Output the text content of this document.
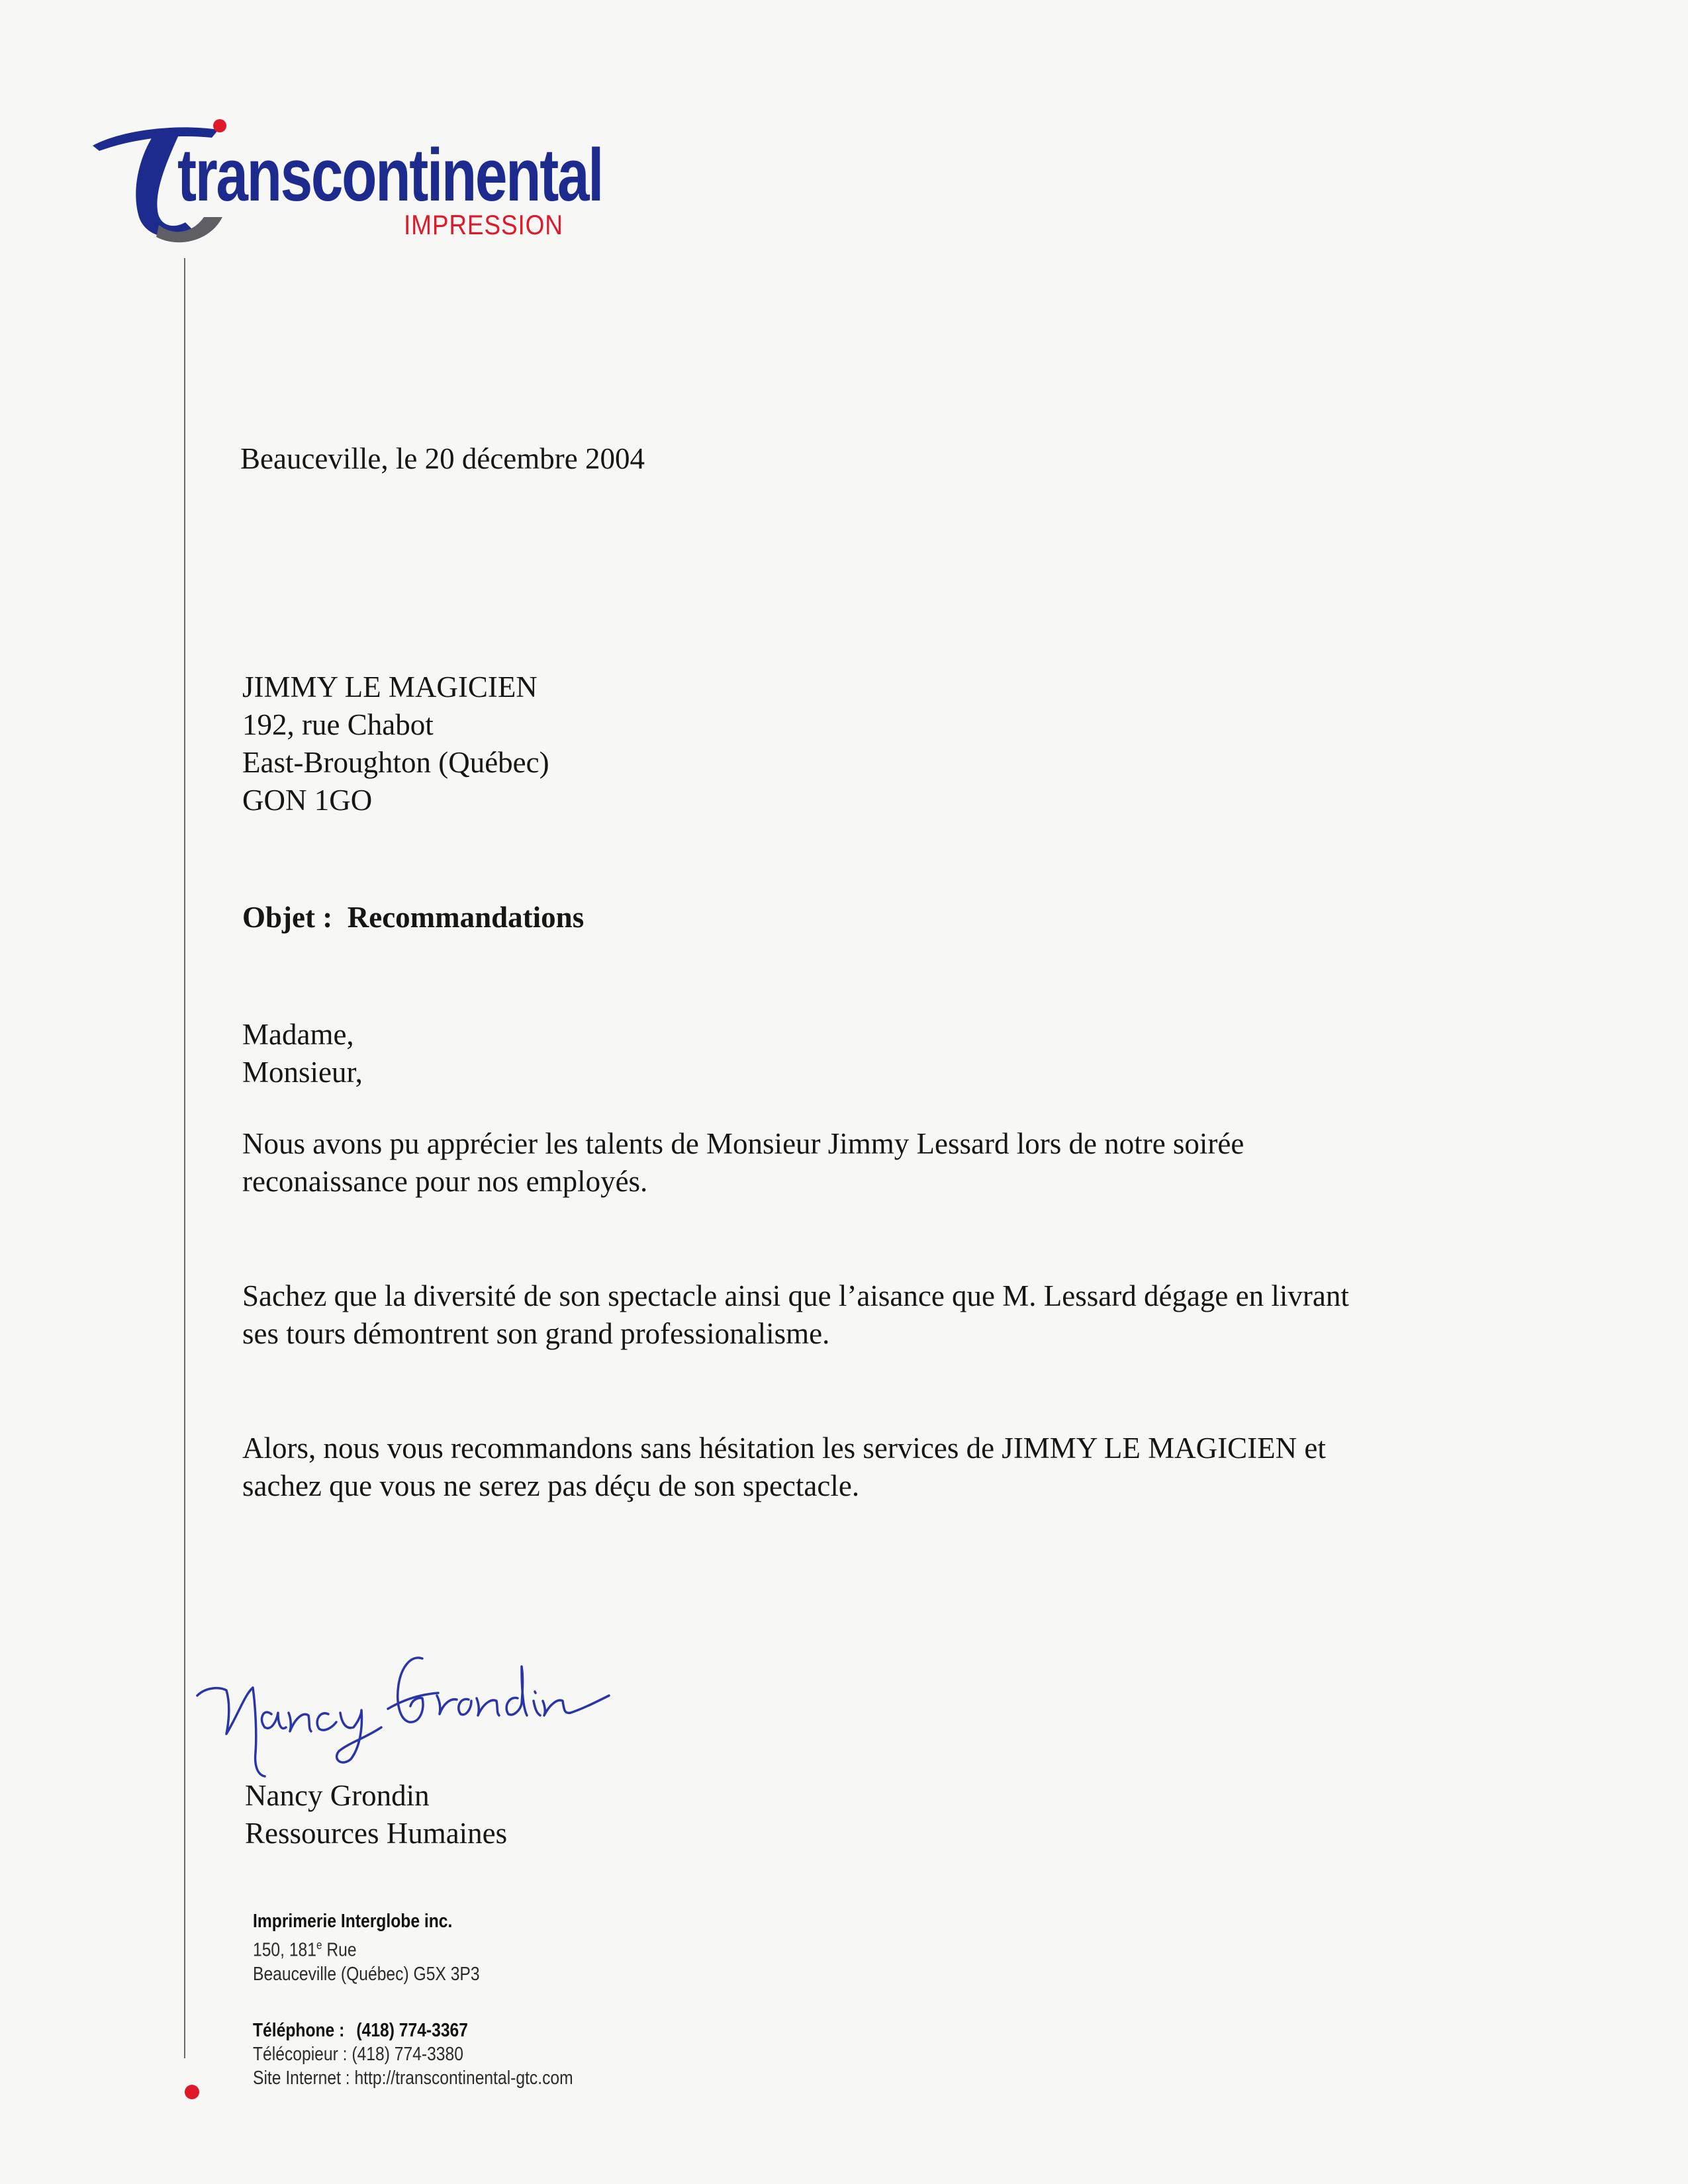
transcontinental
IMPRESSION
Beauceville, le 20 décembre 2004
JIMMY LE MAGICIEN
192, rue Chabot
East-Broughton (Québec)
GON 1GO
Objet : Recommandations
Madame,
Monsieur,
Nous avons pu apprécier les talents de Monsieur Jimmy Lessard lors de notre soirée
reconaissance pour nos employés.
Sachez que la diversité de son spectacle ainsi que l’aisance que M. Lessard dégage en livrant
ses tours démontrent son grand professionalisme.
Alors, nous vous recommandons sans hésitation les services de JIMMY LE MAGICIEN et
sachez que vous ne serez pas déçu de son spectacle.
Nancy Grondin
Ressources Humaines
Imprimerie Interglobe inc.
150, 181e Rue
Beauceville (Québec) G5X 3P3
Téléphone : (418) 774-3367
Télécopieur : (418) 774-3380
Site Internet : http://transcontinental-gtc.com
